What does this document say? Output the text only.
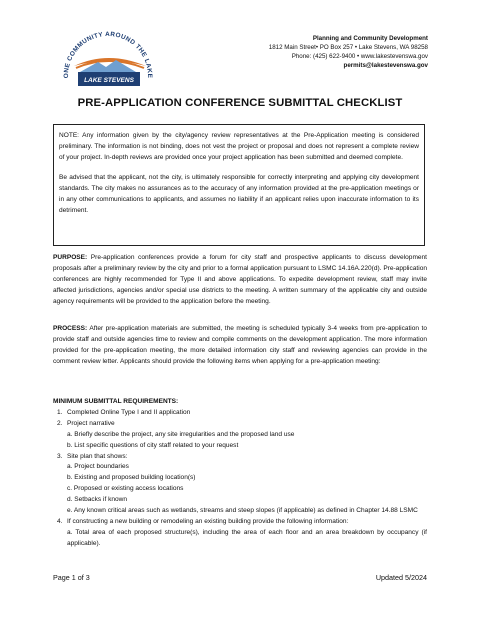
ONE COMMUNITY AROUND THE LAKE
LAKE STEVENS
Planning and Community Development
1812 Main Street• PO Box 257 • Lake Stevens, WA 98258
Phone: (425) 622-9400 • www.lakestevenswa.gov
permits@lakestevenswa.gov
PRE-APPLICATION CONFERENCE SUBMITTAL CHECKLIST

NOTE: Any information given by the city/agency review representatives at the Pre-Application meeting is considered preliminary. The information is not binding, does not vest the project or proposal and does not represent a complete review of your project. In-depth reviews are provided once your project application has been submitted and deemed complete.

Be advised that the applicant, not the city, is ultimately responsible for correctly interpreting and applying city development standards. The city makes no assurances as to the accuracy of any information provided at the pre-application meetings or in any other communications to applicants, and assumes no liability if an applicant relies upon inaccurate information to its detriment.

PURPOSE: Pre-application conferences provide a forum for city staff and prospective applicants to discuss development proposals after a preliminary review by the city and prior to a formal application pursuant to LSMC 14.16A.220(d). Pre-application conferences are highly recommended for Type II and above applications. To expedite development review, staff may invite affected jurisdictions, agencies and/or special use districts to the meeting. A written summary of the applicable city and outside agency requirements will be provided to the application before the meeting.
PROCESS: After pre-application materials are submitted, the meeting is scheduled typically 3-4 weeks from pre-application to provide staff and outside agencies time to review and compile comments on the development application. The more information provided for the pre-application meeting, the more detailed information city staff and reviewing agencies can provide in the comment review letter. Applicants should provide the following items when applying for a pre-application meeting:
MINIMUM SUBMITTAL REQUIREMENTS:
1. Completed Online Type I and II application
2. Project narrative
a. Briefly describe the project, any site irregularities and the proposed land use
b. List specific questions of city staff related to your request
3. Site plan that shows:
a. Project boundaries
b. Existing and proposed building location(s)
c. Proposed or existing access locations
d. Setbacks if known
e. Any known critical areas such as wetlands, streams and steep slopes (if applicable) as defined in Chapter 14.88 LSMC
4. If constructing a new building or remodeling an existing building provide the following information:
a. Total area of each proposed structure(s), including the area of each floor and an area breakdown by occupancy (if applicable).
Page 1 of 3	Updated 5/2024
